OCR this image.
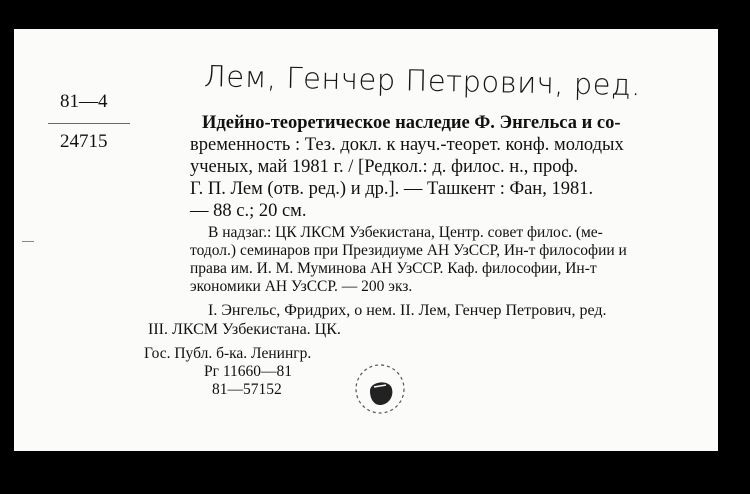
Лем, Генчер Петрович, ред.

81—4

24715

Идейно-теоретическое наследие Ф. Энгельса и со-

временность : Тез. докл. к науч.-теорет. конф. молодых

ученых, май 1981 г. / [Редкол.: д. филос. н., проф.

Г. П. Лем (отв. ред.) и др.]. — Ташкент : Фан, 1981.

— 88 с.; 20 см.

В надзаг.: ЦК ЛКСМ Узбекистана, Центр. совет филос. (ме-

тодол.) семинаров при Президиуме АН УзССР, Ин-т философии и

права им. И. М. Муминова АН УзССР. Каф. философии, Ин-т

экономики АН УзССР. — 200 экз.

I. Энгельс, Фридрих, о нем. II. Лем, Генчер Петрович, ред.

III. ЛКСМ Узбекистана. ЦК.

Гос. Публ. б-ка. Ленингр.

Рг 11660—81

81—57152
